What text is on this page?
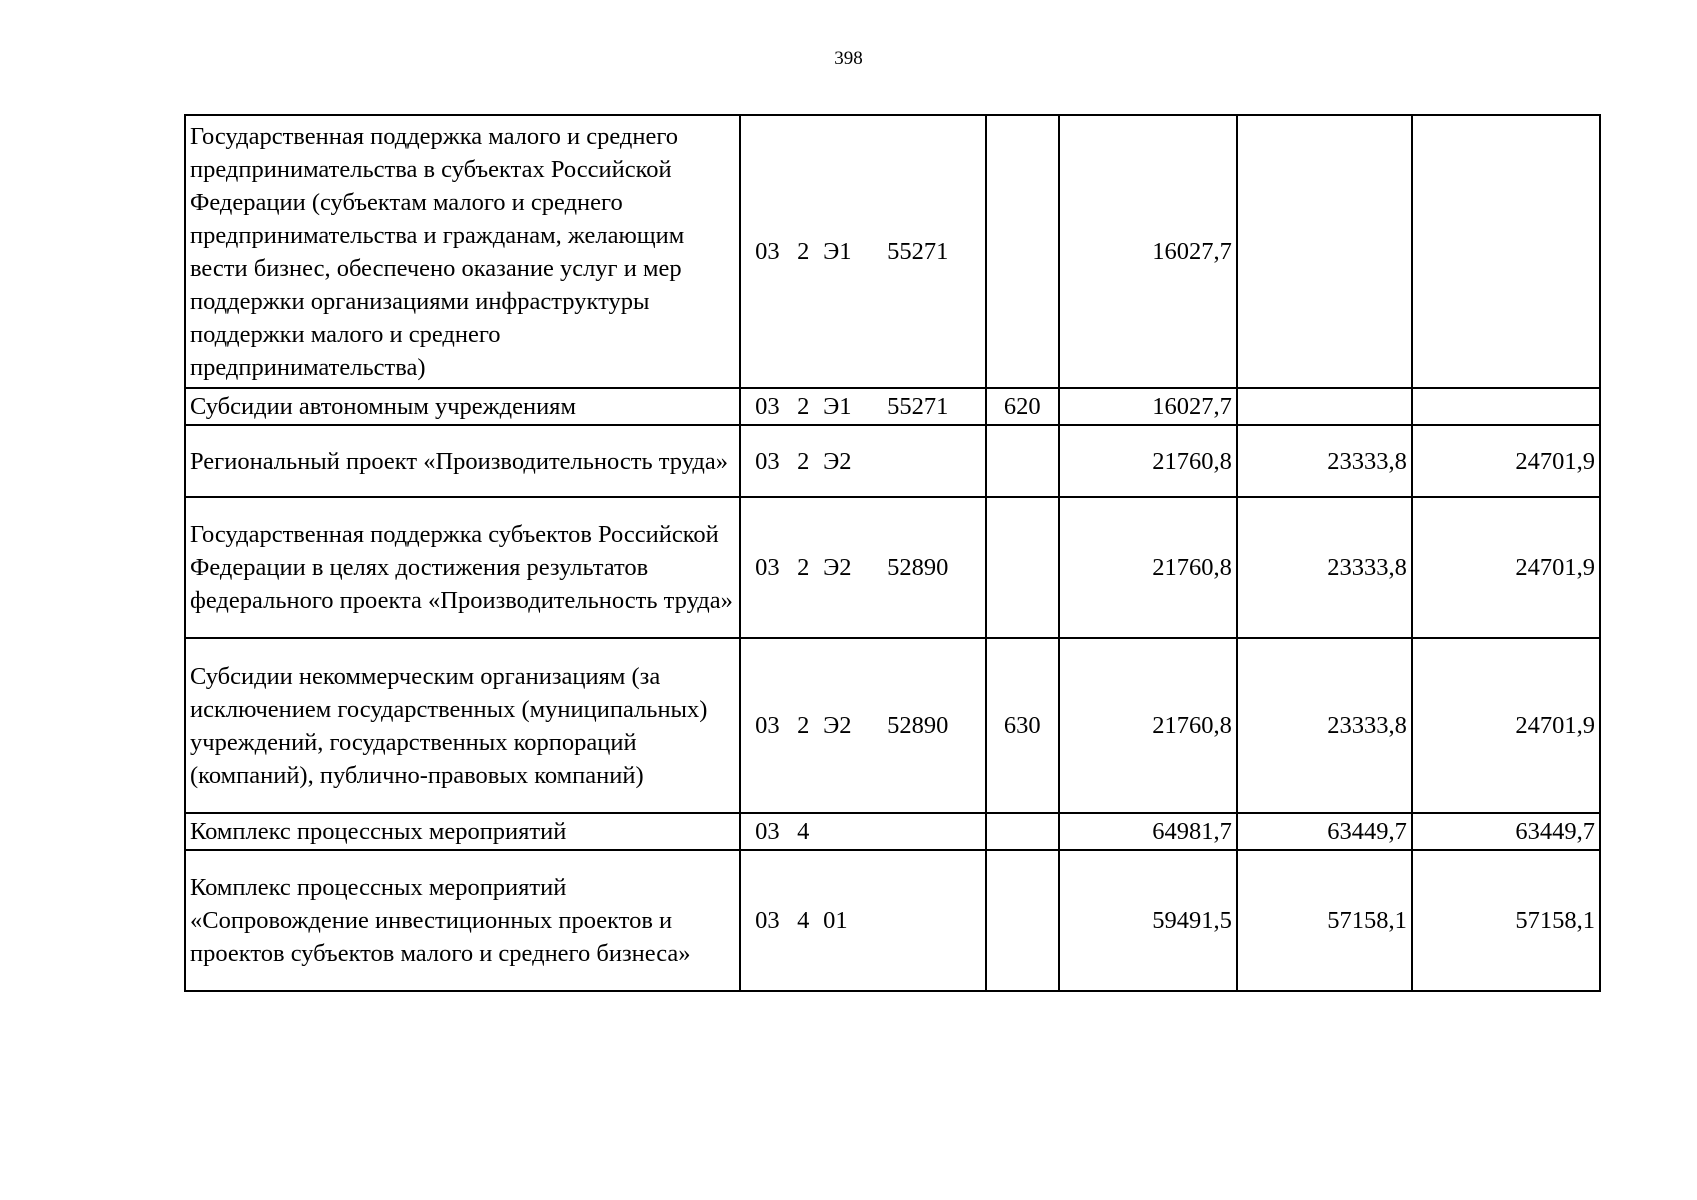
398
Государственная поддержка малого и среднего предпринимательства в субъектах Российской Федерации (субъектам малого и среднего предпринимательства и гражданам, желающим вести бизнес, обеспечено оказание услуг и мер поддержки организациями инфраструктуры поддержки малого и среднего предпринимательства)	03 2 Э1 55271		16027,7		
Субсидии автономным учреждениям	03 2 Э1 55271	620	16027,7		
Региональный проект «Производительность труда»	03 2 Э2		21760,8	23333,8	24701,9
Государственная поддержка субъектов Российской Федерации в целях достижения результатов федерального проекта «Производительность труда»	03 2 Э2 52890		21760,8	23333,8	24701,9
Субсидии некоммерческим организациям (за исключением государственных (муниципальных) учреждений, государственных корпораций (компаний), публично-правовых компаний)	03 2 Э2 52890	630	21760,8	23333,8	24701,9
Комплекс процессных мероприятий	03 4		64981,7	63449,7	63449,7
Комплекс процессных мероприятий «Сопровождение инвестиционных проектов и проектов субъектов малого и среднего бизнеса»	03 4 01		59491,5	57158,1	57158,1
